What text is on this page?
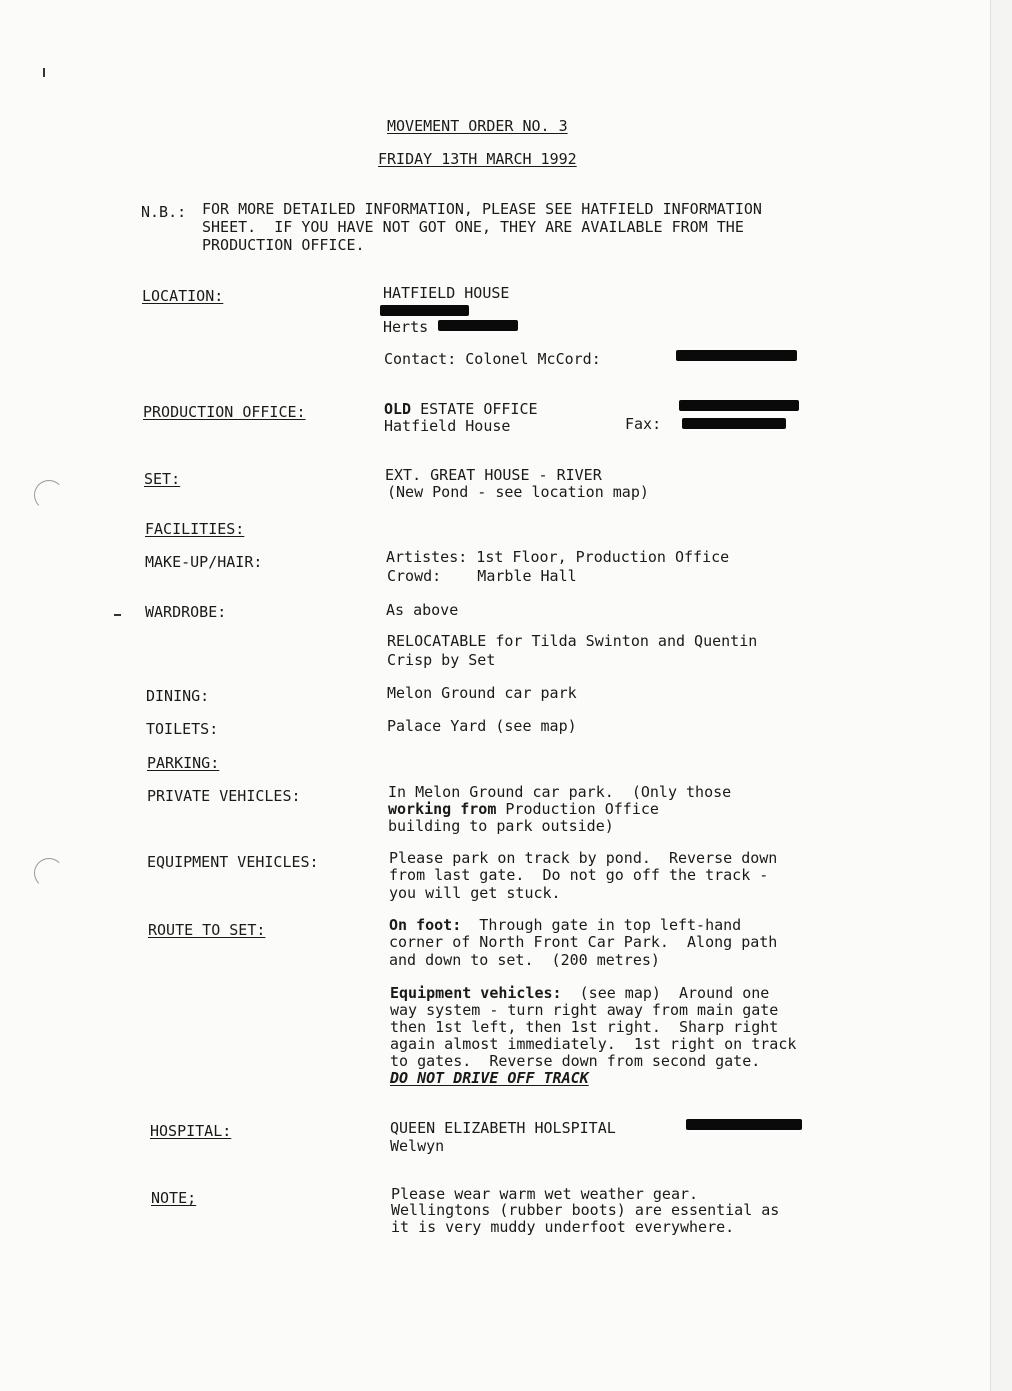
MOVEMENT ORDER NO. 3
FRIDAY 13TH MARCH 1992
N.B.: FOR MORE DETAILED INFORMATION, PLEASE SEE HATFIELD INFORMATION
SHEET.  IF YOU HAVE NOT GOT ONE, THEY ARE AVAILABLE FROM THE
PRODUCTION OFFICE.
LOCATION:	HATFIELD HOUSE
Herts
Contact: Colonel McCord:
PRODUCTION OFFICE:	OLD ESTATE OFFICE
Hatfield House	Fax:
SET:	EXT. GREAT HOUSE - RIVER
(New Pond - see location map)
FACILITIES:
MAKE-UP/HAIR:	Artistes: 1st Floor, Production Office
Crowd:    Marble Hall
WARDROBE:	As above
RELOCATABLE for Tilda Swinton and Quentin
Crisp by Set
DINING:	Melon Ground car park
TOILETS:	Palace Yard (see map)
PARKING:
PRIVATE VEHICLES:	In Melon Ground car park.  (Only those
working from Production Office
building to park outside)
EQUIPMENT VEHICLES:	Please park on track by pond.  Reverse down
from last gate.  Do not go off the track -
you will get stuck.
ROUTE TO SET:	On foot:  Through gate in top left-hand
corner of North Front Car Park.  Along path
and down to set.  (200 metres)
Equipment vehicles:  (see map)  Around one
way system - turn right away from main gate
then 1st left, then 1st right.  Sharp right
again almost immediately.  1st right on track
to gates.  Reverse down from second gate.
DO NOT DRIVE OFF TRACK
HOSPITAL:	QUEEN ELIZABETH HOLSPITAL
Welwyn
NOTE;	Please wear warm wet weather gear.
Wellingtons (rubber boots) are essential as
it is very muddy underfoot everywhere.
